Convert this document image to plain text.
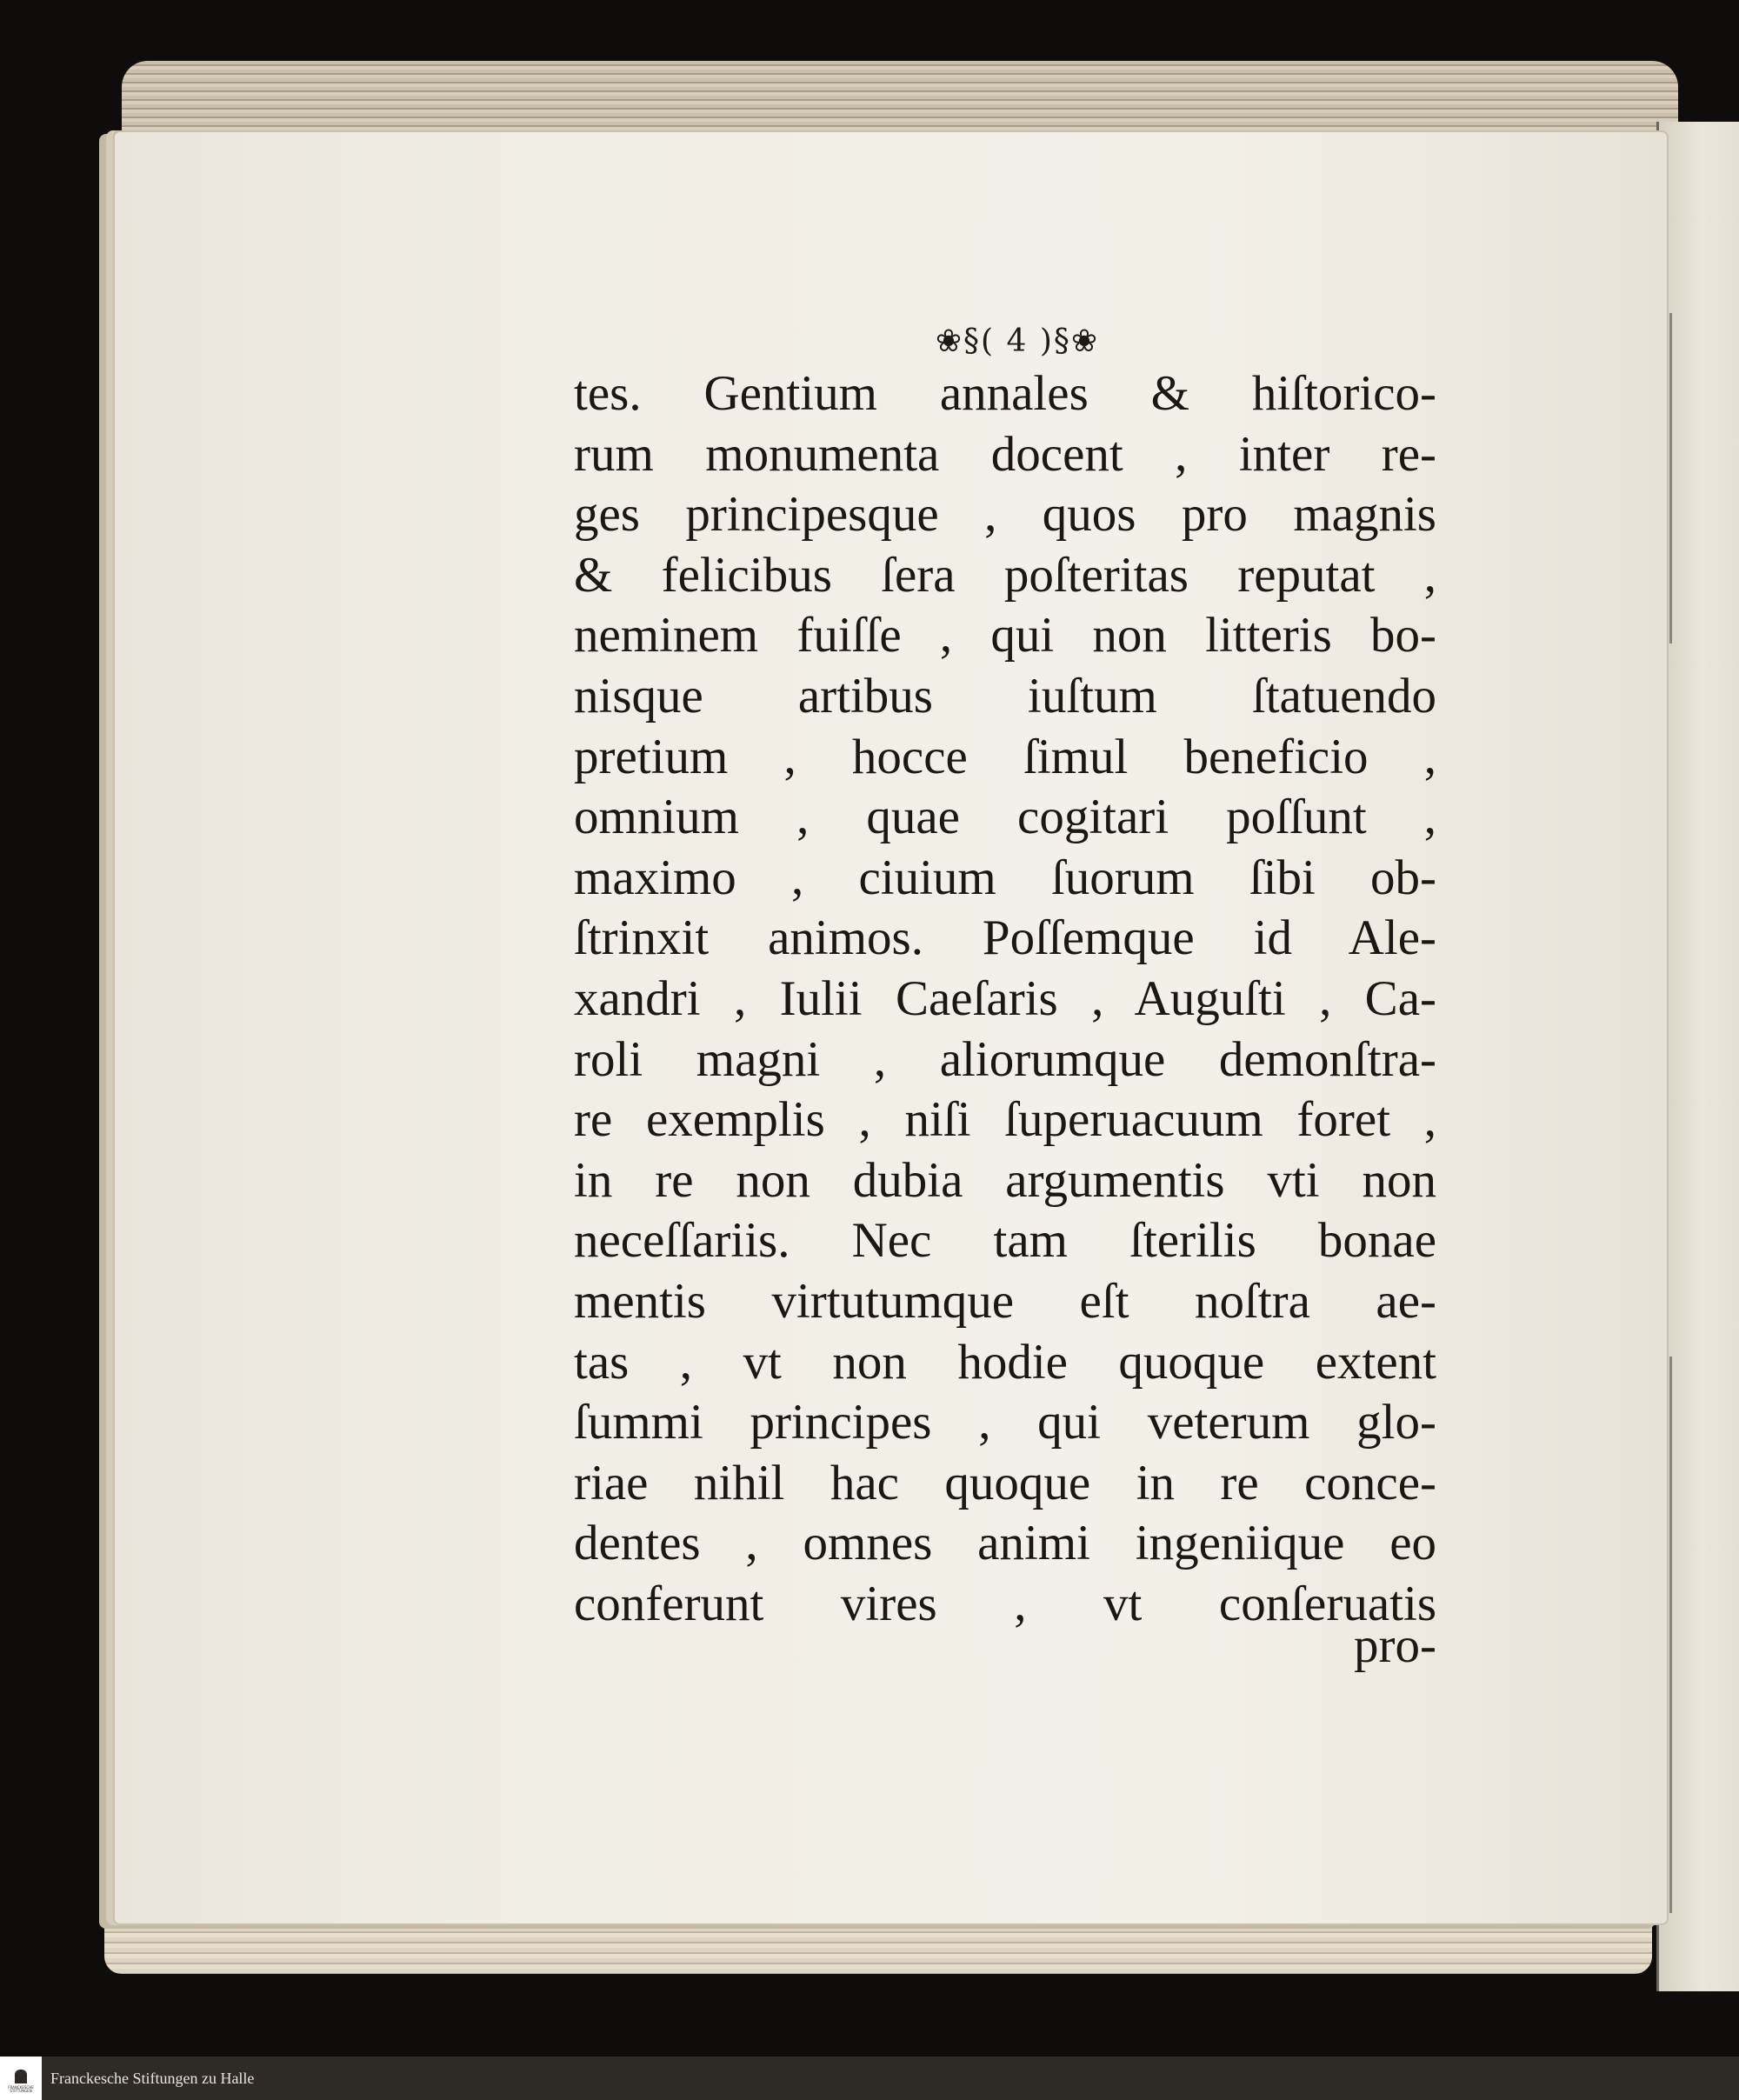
❀§( 4 )§❀
tes. Gentium annales & hiſtorico-
rum monumenta docent , inter re-
ges principesque , quos pro magnis
& felicibus ſera poſteritas reputat ,
neminem fuiſſe , qui non litteris bo-
nisque artibus iuſtum ſtatuendo
pretium , hocce ſimul beneficio ,
omnium , quae cogitari poſſunt ,
maximo , ciuium ſuorum ſibi ob-
ſtrinxit animos. Poſſemque id Ale-
xandri , Iulii Caeſaris , Auguſti , Ca-
roli magni , aliorumque demonſtra-
re exemplis , niſi ſuperuacuum foret ,
in re non dubia argumentis vti non
neceſſariis. Nec tam ſterilis bonae
mentis virtutumque eſt noſtra ae-
tas , vt non hodie quoque extent
ſummi principes , qui veterum glo-
riae nihil hac quoque in re conce-
dentes , omnes animi ingeniique eo
conferunt vires , vt conſeruatis
pro-
FRANCKESCHE STIFTUNGEN
Franckesche Stiftungen zu Halle
